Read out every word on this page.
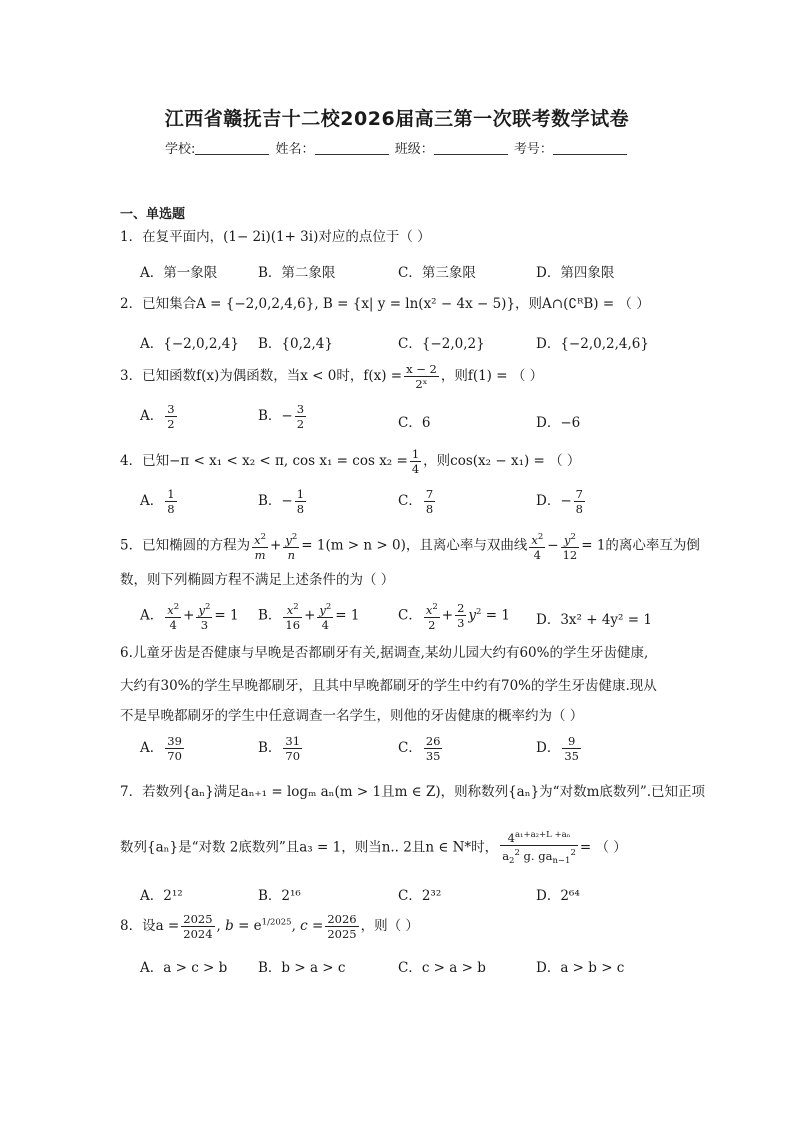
江西省赣抚吉十二校2026届高三第一次联考数学试卷
学校:	姓名：	班级：	考号：
一、单选题
1．在复平面内，(1− 2i)(1+ 3i)对应的点位于（ ）
A．第一象限	B．第二象限	C．第三象限	D．第四象限
2．已知集合A = {−2,0,2,4,6}, B = {x| y = ln(x² − 4x − 5)}，则A∩(∁ᴿB) = （ ）
A．{−2,0,2,4} B．{0,2,4}	C．{−2,0,2}	D．{−2,0,2,4,6}
3．已知函数f(x)为偶函数，当x < 0时，$f(x) = \frac{x - 2}{\text{2ˣ}}$ ，则f(1) = （ ）
A． $\frac{3}{2}$	B．− $\frac{3}{2}$	C．6	D．−6
4．已知−π < x₁ < x₂ < π, $\cos x_1 = \cos x_2 = \frac{1}{4}$ ，则cos(x₂ − x₁) = （ ）
A． $\frac{1}{8}$	B．− $\frac{1}{8}$	C． $\frac{7}{8}$	D．− $\frac{7}{8}$
5．已知椭圆的方程为 $\frac{x^2}{m} + \frac{y^2}{n} = 1(m > n > 0)$，且离心率与双曲线 $\frac{x^2}{4} - \frac{y^2}{12} = 1$的离心率互为倒
数，则下列椭圆方程不满足上述条件的为（ ）
A． $\frac{x^2}{4} + \frac{y^2}{3} = 1$ B． $\frac{x^2}{16} + \frac{y^2}{4} = 1$	C． $\frac{x^2}{2} + \frac{2}{3} y^2 = 1$ D．3x² + 4y² = 1
6.儿童牙齿是否健康与早晚是否都刷牙有关,据调查,某幼儿园大约有60%的学生牙齿健康,
大约有30%的学生早晚都刷牙，且其中早晚都刷牙的学生中约有70%的学生牙齿健康.现从
不是早晚都刷牙的学生中任意调查一名学生，则他的牙齿健康的概率约为（ ）
A． $\frac{39}{70}$	B． $\frac{31}{70}$	C． $\frac{26}{35}$	D． $\frac{9}{35}$
7．若数列{aₙ}满足aₙ₊₁ = logₘ aₙ(m > 1且m ∈ Z)，则称数列{aₙ}为“对数m底数列”.已知正项
数列{aₙ}是“对数 2底数列”且a₃ = 1，则当n.. 2且n ∈ N*时， $\frac{4^{a_1+a_2+L +a_n}}{a_2^2 g. ga_{n-1}^2}$ = （ ）
A．2¹²	B．2¹⁶	C．2³²	D．2⁶⁴
8．设$a = \frac{2025}{2024}$ , $b = e^{1/2025}$, $c = \frac{2026}{2025}$ ，则（ ）
A．a > c > b B．b > a > c	C．c > a > b	D．a > b > c
